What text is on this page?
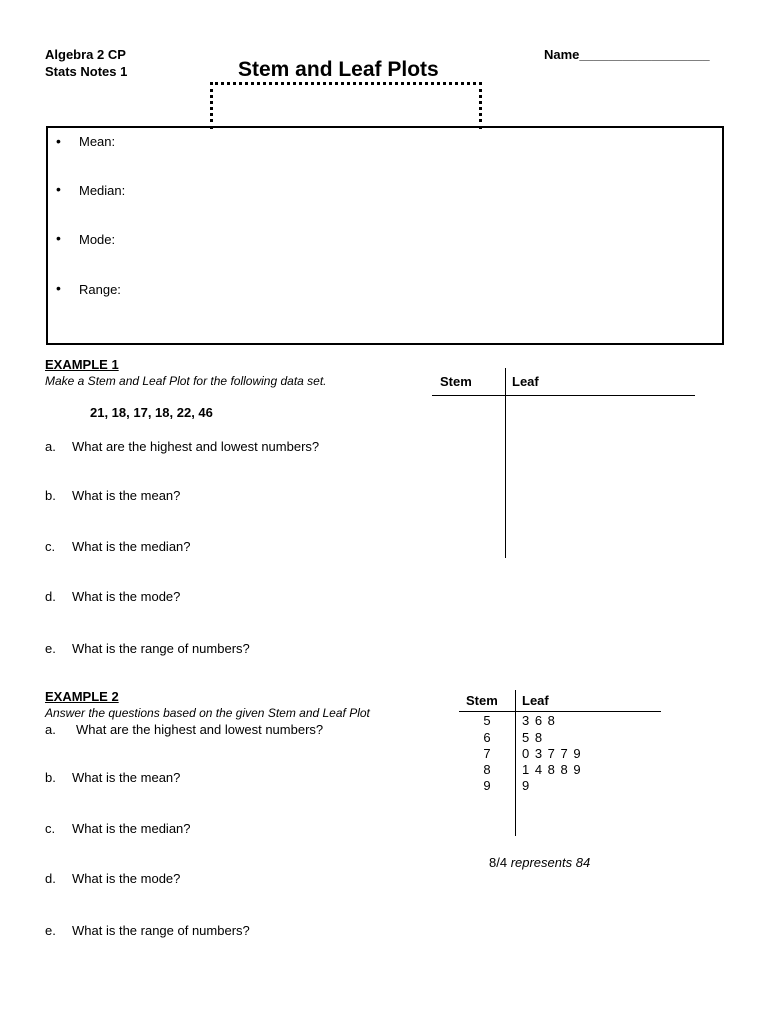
Algebra 2 CP
Stats Notes 1
Name__________________
Stem and Leaf Plots
• Mean:
• Median:
• Mode:
• Range:
EXAMPLE 1
Make a Stem and Leaf Plot for the following data set.
21, 18, 17, 18, 22, 46
a. What are the highest and lowest numbers?
b. What is the mean?
c. What is the median?
d. What is the mode?
e. What is the range of numbers?
Stem	Leaf
EXAMPLE 2
Answer the questions based on the given Stem and Leaf Plot
a. What are the highest and lowest numbers?
b. What is the mean?
c. What is the median?
d. What is the mode?
e. What is the range of numbers?
Stem Leaf
5	3 6 8
6	5 8
7	0 3 7 7 9
8	1 4 8 8 9
9	9
8/4 represents 84
